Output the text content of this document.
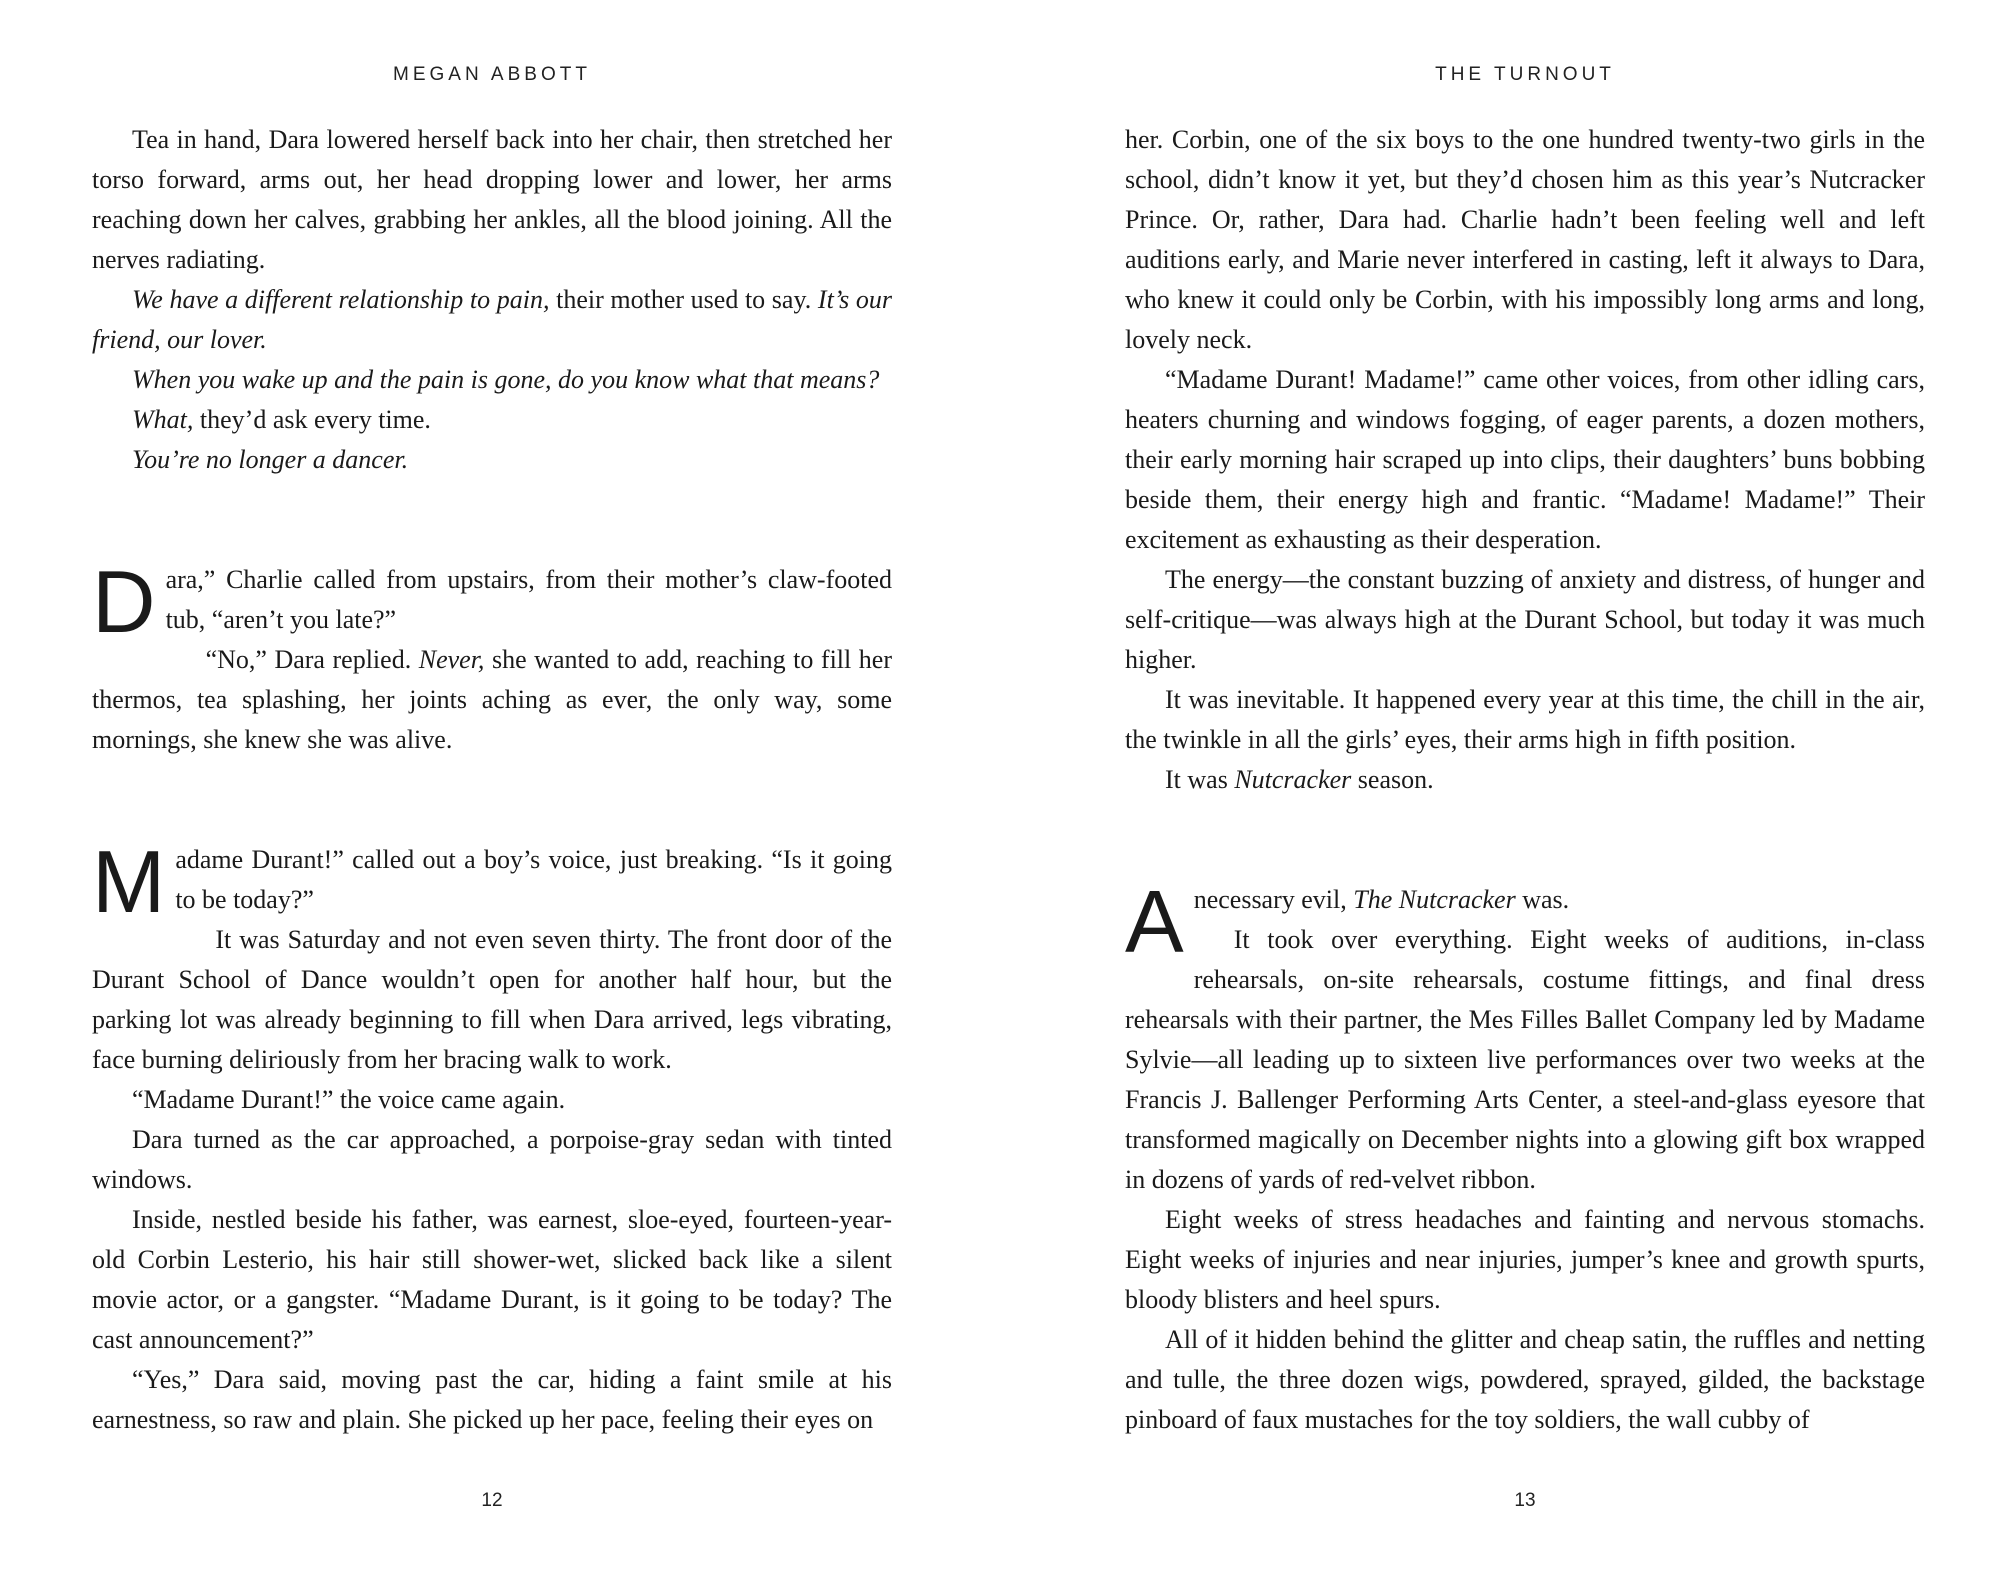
MEGAN ABBOTT

Tea in hand, Dara lowered herself back into her chair, then stretched her torso forward, arms out, her head dropping lower and lower, her arms reaching down her calves, grabbing her ankles, all the blood joining. All the nerves radiating.

We have a different relationship to pain, their mother used to say. It’s our friend, our lover.

When you wake up and the pain is gone, do you know what that means?

What, they’d ask every time.

You’re no longer a dancer.

Dara,” Charlie called from upstairs, from their mother’s claw-footed tub, “aren’t you late?”

“No,” Dara replied. Never, she wanted to add, reaching to fill her thermos, tea splashing, her joints aching as ever, the only way, some mornings, she knew she was alive.

Madame Durant!” called out a boy’s voice, just breaking. “Is it going to be today?”

It was Saturday and not even seven thirty. The front door of the Durant School of Dance wouldn’t open for another half hour, but the parking lot was already beginning to fill when Dara arrived, legs vibrating, face burning deliriously from her bracing walk to work.

“Madame Durant!” the voice came again.

Dara turned as the car approached, a porpoise-gray sedan with tinted windows.

Inside, nestled beside his father, was earnest, sloe-eyed, fourteen-year-old Corbin Lesterio, his hair still shower-wet, slicked back like a silent movie actor, or a gangster. “Madame Durant, is it going to be today? The cast announcement?”

“Yes,” Dara said, moving past the car, hiding a faint smile at his earnestness, so raw and plain. She picked up her pace, feeling their eyes on

12
THE TURNOUT

her. Corbin, one of the six boys to the one hundred twenty-two girls in the school, didn’t know it yet, but they’d chosen him as this year’s Nutcracker Prince. Or, rather, Dara had. Charlie hadn’t been feeling well and left auditions early, and Marie never interfered in casting, left it always to Dara, who knew it could only be Corbin, with his impossibly long arms and long, lovely neck.

“Madame Durant! Madame!” came other voices, from other idling cars, heaters churning and windows fogging, of eager parents, a dozen mothers, their early morning hair scraped up into clips, their daughters’ buns bobbing beside them, their energy high and frantic. “Madame! Madame!” Their excitement as exhausting as their desperation.

The energy—the constant buzzing of anxiety and distress, of hunger and self-critique—was always high at the Durant School, but today it was much higher.

It was inevitable. It happened every year at this time, the chill in the air, the twinkle in all the girls’ eyes, their arms high in fifth position.

It was Nutcracker season.

Anecessary evil, The Nutcracker was.

It took over everything. Eight weeks of auditions, in-class rehearsals, on-site rehearsals, costume fittings, and final dress rehearsals with their partner, the Mes Filles Ballet Company led by Madame Sylvie—all leading up to sixteen live performances over two weeks at the Francis J. Ballenger Performing Arts Center, a steel-and-glass eyesore that transformed magically on December nights into a glowing gift box wrapped in dozens of yards of red-velvet ribbon.

Eight weeks of stress headaches and fainting and nervous stomachs. Eight weeks of injuries and near injuries, jumper’s knee and growth spurts, bloody blisters and heel spurs.

All of it hidden behind the glitter and cheap satin, the ruffles and netting and tulle, the three dozen wigs, powdered, sprayed, gilded, the backstage pinboard of faux mustaches for the toy soldiers, the wall cubby of

13
